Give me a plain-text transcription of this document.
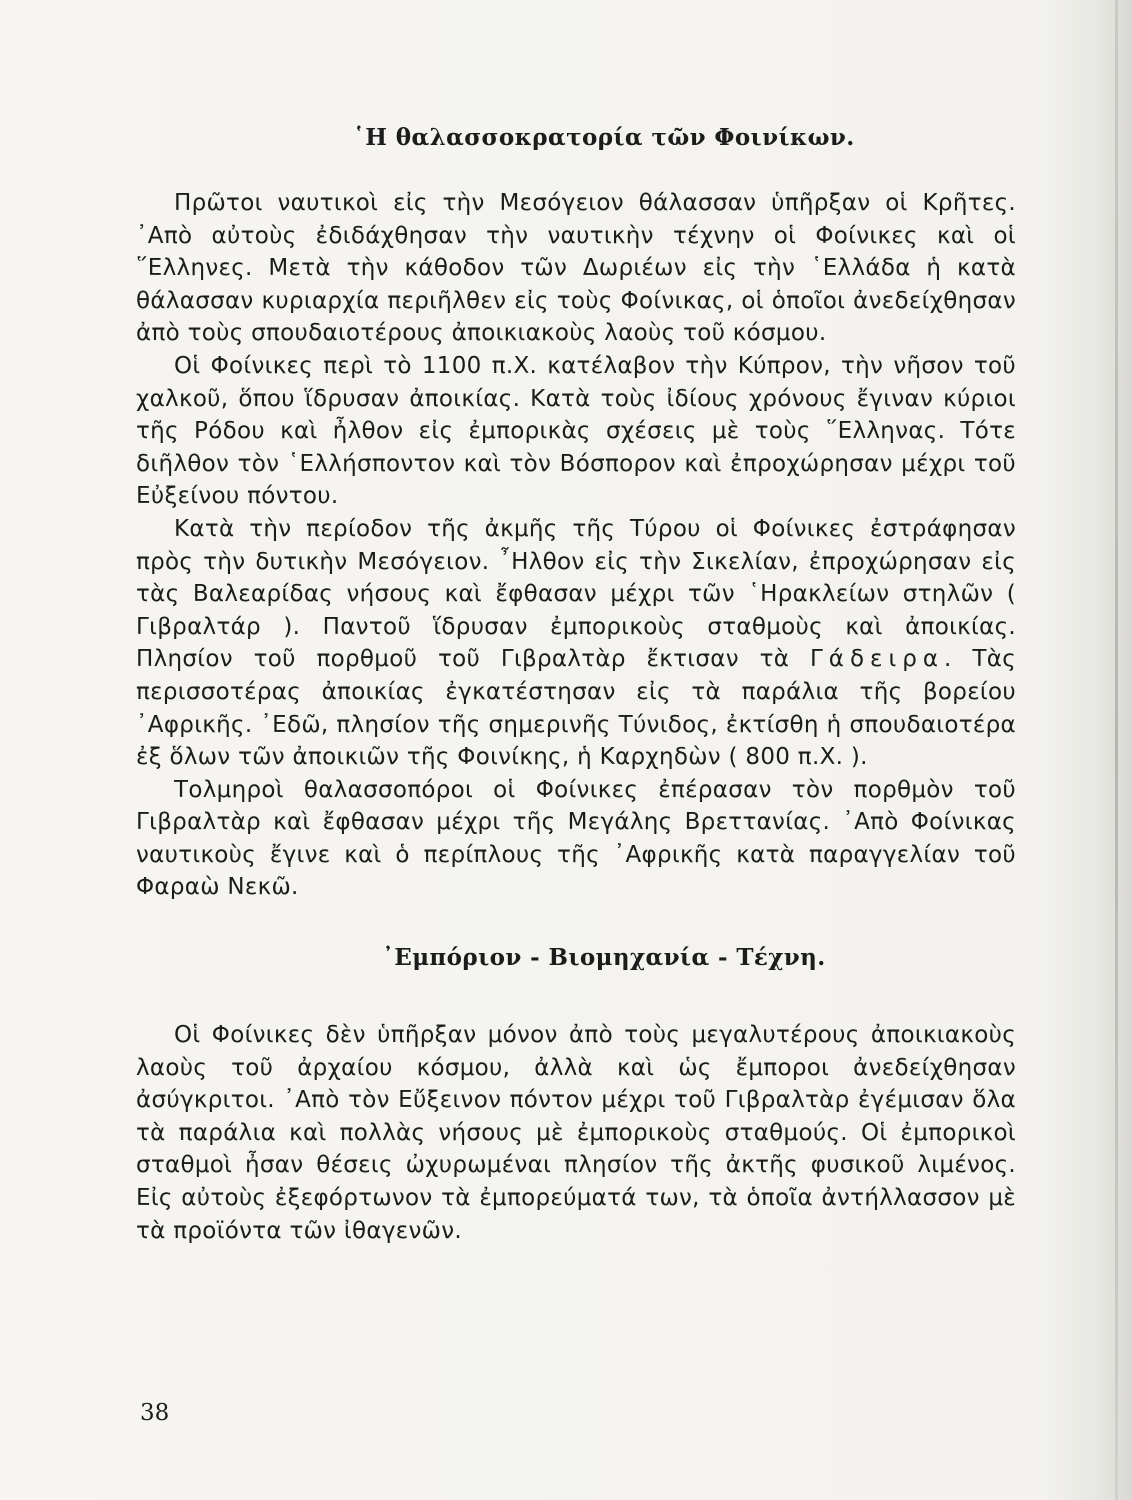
῾Η θαλασσοκρατορία τῶν Φοινίκων.

Πρῶτοι ναυτικοὶ εἰς τὴν Μεσόγειον θάλασσαν ὑπῆρξαν οἱ Κρῆτες. ᾽Απὸ αὐτοὺς ἐδιδάχθησαν τὴν ναυτικὴν τέχνην οἱ Φοίνικες καὶ οἱ ῞Ελληνες. Μετὰ τὴν κάθοδον τῶν Δωριέων εἰς τὴν ῾Ελλάδα ἡ κατὰ θάλασσαν κυριαρχία περιῆλθεν εἰς τοὺς Φοίνικας, οἱ ὁποῖοι ἀνεδείχθησαν ἀπὸ τοὺς σπουδαιοτέρους ἀποικιακοὺς λαοὺς τοῦ κόσμου.

Οἱ Φοίνικες περὶ τὸ 1100 π.Χ. κατέλαβον τὴν Κύπρον, τὴν νῆσον τοῦ χαλκοῦ, ὅπου ἵδρυσαν ἀποικίας. Κατὰ τοὺς ἰδίους χρόνους ἔγιναν κύριοι τῆς Ρόδου καὶ ἦλθον εἰς ἐμπορικὰς σχέσεις μὲ τοὺς ῞Ελληνας. Τότε διῆλθον τὸν ῾Ελλήσποντον καὶ τὸν Βόσπορον καὶ ἐπροχώρησαν μέχρι τοῦ Εὐξείνου πόντου.

Κατὰ τὴν περίοδον τῆς ἀκμῆς τῆς Τύρου οἱ Φοίνικες ἐστράφησαν πρὸς τὴν δυτικὴν Μεσόγειον. ῏Ηλθον εἰς τὴν Σικελίαν, ἐπροχώρησαν εἰς τὰς Βαλεαρίδας νήσους καὶ ἔφθασαν μέχρι τῶν ῾Ηρακλείων στηλῶν ( Γιβραλτάρ ). Παντοῦ ἵδρυσαν ἐμπορικοὺς σταθμοὺς καὶ ἀποικίας. Πλησίον τοῦ πορθμοῦ τοῦ Γιβραλτὰρ ἔκτισαν τὰ Γάδειρα. Τὰς περισσοτέρας ἀποικίας ἐγκατέστησαν εἰς τὰ παράλια τῆς βορείου ᾽Αφρικῆς. ᾽Εδῶ, πλησίον τῆς σημερινῆς Τύνιδος, ἐκτίσθη ἡ σπουδαιοτέρα ἐξ ὅλων τῶν ἀποικιῶν τῆς Φοινίκης, ἡ Καρχηδὼν ( 800 π.Χ. ).

Τολμηροὶ θαλασσοπόροι οἱ Φοίνικες ἐπέρασαν τὸν πορθμὸν τοῦ Γιβραλτὰρ καὶ ἔφθασαν μέχρι τῆς Μεγάλης Βρεττανίας. ᾽Απὸ Φοίνικας ναυτικοὺς ἔγινε καὶ ὁ περίπλους τῆς ᾽Αφρικῆς κατὰ παραγγελίαν τοῦ Φαραὼ Νεκῶ.

᾽Εμπόριον - Βιομηχανία - Τέχνη.

Οἱ Φοίνικες δὲν ὑπῆρξαν μόνον ἀπὸ τοὺς μεγαλυτέρους ἀποικιακοὺς λαοὺς τοῦ ἀρχαίου κόσμου, ἀλλὰ καὶ ὡς ἔμποροι ἀνεδείχθησαν ἀσύγκριτοι. ᾽Απὸ τὸν Εὔξεινον πόντον μέχρι τοῦ Γιβραλτὰρ ἐγέμισαν ὅλα τὰ παράλια καὶ πολλὰς νήσους μὲ ἐμπορικοὺς σταθμούς. Οἱ ἐμπορικοὶ σταθμοὶ ἦσαν θέσεις ὠχυρωμέναι πλησίον τῆς ἀκτῆς φυσικοῦ λιμένος. Εἰς αὐτοὺς ἐξεφόρτωνον τὰ ἐμπορεύματά των, τὰ ὁποῖα ἀντήλλασσον μὲ τὰ προϊόντα τῶν ἰθαγενῶν.

38
